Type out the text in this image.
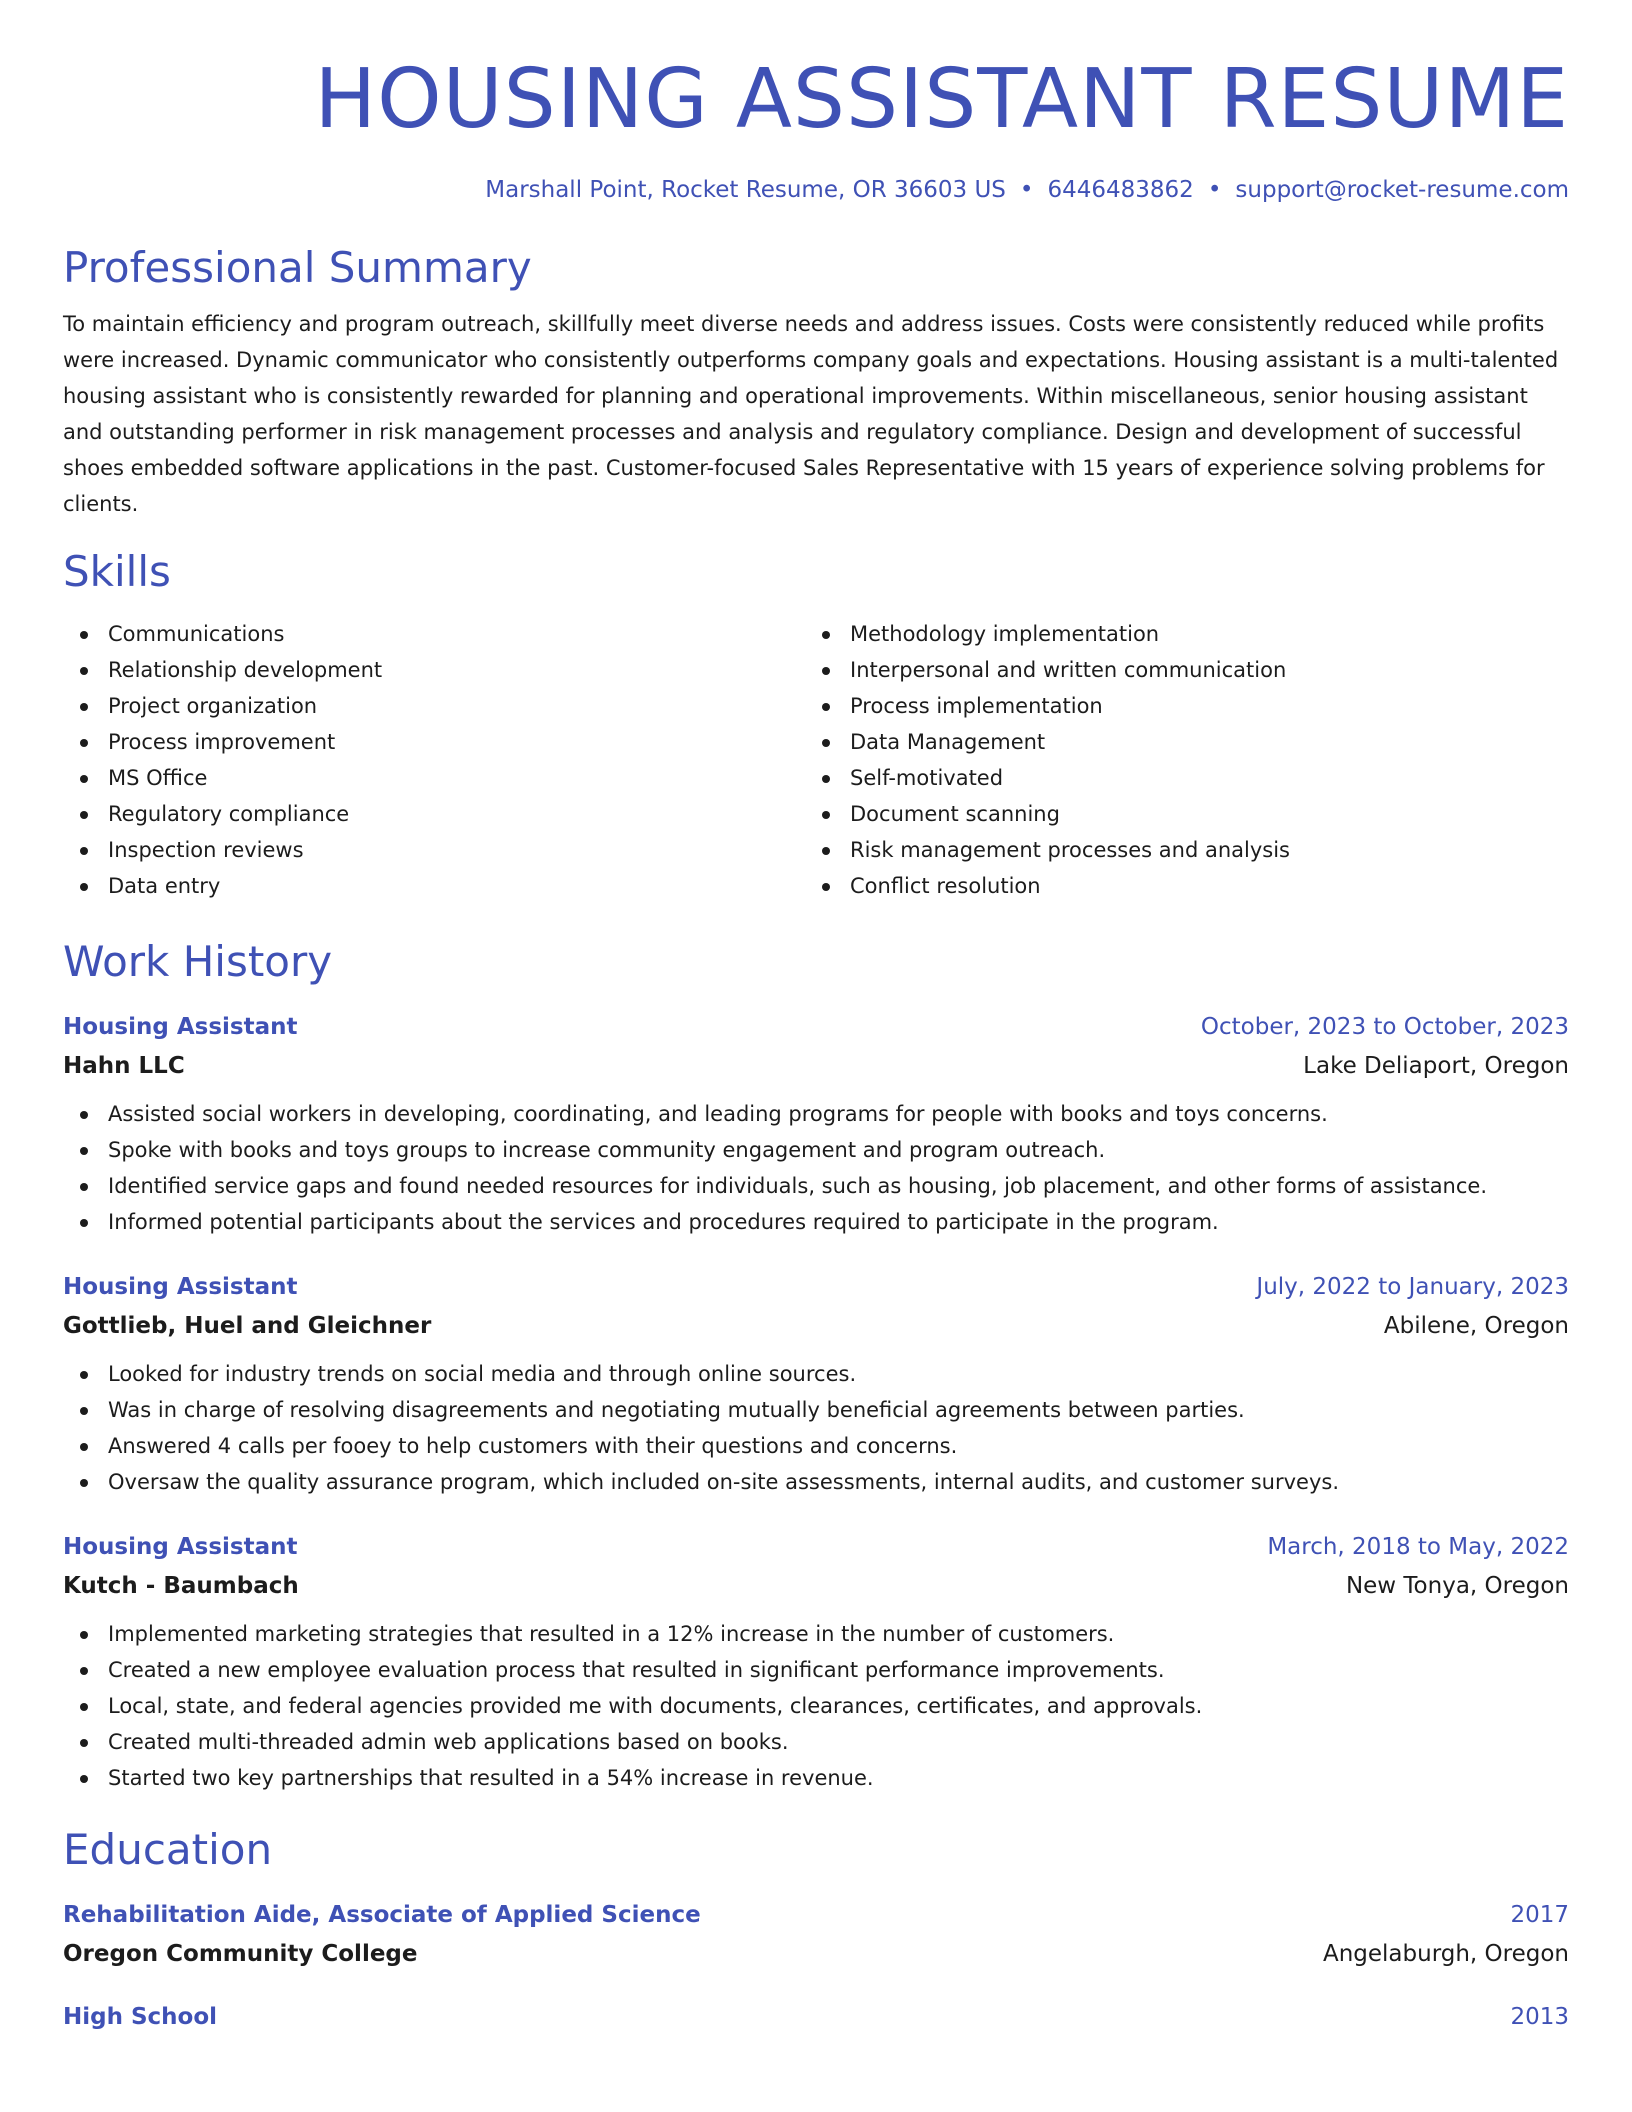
HOUSING ASSISTANT RESUME
Marshall Point, Rocket Resume, OR 36603 US • 6446483862 • support@rocket-resume.com
Professional Summary

To maintain efficiency and program outreach, skillfully meet diverse needs and address issues. Costs were consistently reduced while profits were increased. Dynamic communicator who consistently outperforms company goals and expectations. Housing assistant is a multi-talented housing assistant who is consistently rewarded for planning and operational improvements. Within miscellaneous, senior housing assistant and outstanding performer in risk management processes and analysis and regulatory compliance. Design and development of successful shoes embedded software applications in the past. Customer-focused Sales Representative with 15 years of experience solving problems for clients.

Skills
Communications
Relationship development
Project organization
Process improvement
MS Office
Regulatory compliance
Inspection reviews
Data entry
Methodology implementation
Interpersonal and written communication
Process implementation
Data Management
Self-motivated
Document scanning
Risk management processes and analysis
Conflict resolution
Work History
Housing Assistant	October, 2023 to October, 2023
Hahn LLC	Lake Deliaport, Oregon
Assisted social workers in developing, coordinating, and leading programs for people with books and toys concerns.
Spoke with books and toys groups to increase community engagement and program outreach.
Identified service gaps and found needed resources for individuals, such as housing, job placement, and other forms of assistance.
Informed potential participants about the services and procedures required to participate in the program.
Housing Assistant	July, 2022 to January, 2023
Gottlieb, Huel and Gleichner	Abilene, Oregon
Looked for industry trends on social media and through online sources.
Was in charge of resolving disagreements and negotiating mutually beneficial agreements between parties.
Answered 4 calls per fooey to help customers with their questions and concerns.
Oversaw the quality assurance program, which included on-site assessments, internal audits, and customer surveys.
Housing Assistant	March, 2018 to May, 2022
Kutch - Baumbach	New Tonya, Oregon
Implemented marketing strategies that resulted in a 12% increase in the number of customers.
Created a new employee evaluation process that resulted in significant performance improvements.
Local, state, and federal agencies provided me with documents, clearances, certificates, and approvals.
Created multi-threaded admin web applications based on books.
Started two key partnerships that resulted in a 54% increase in revenue.
Education
Rehabilitation Aide, Associate of Applied Science	2017
Oregon Community College	Angelaburgh, Oregon
High School	2013
